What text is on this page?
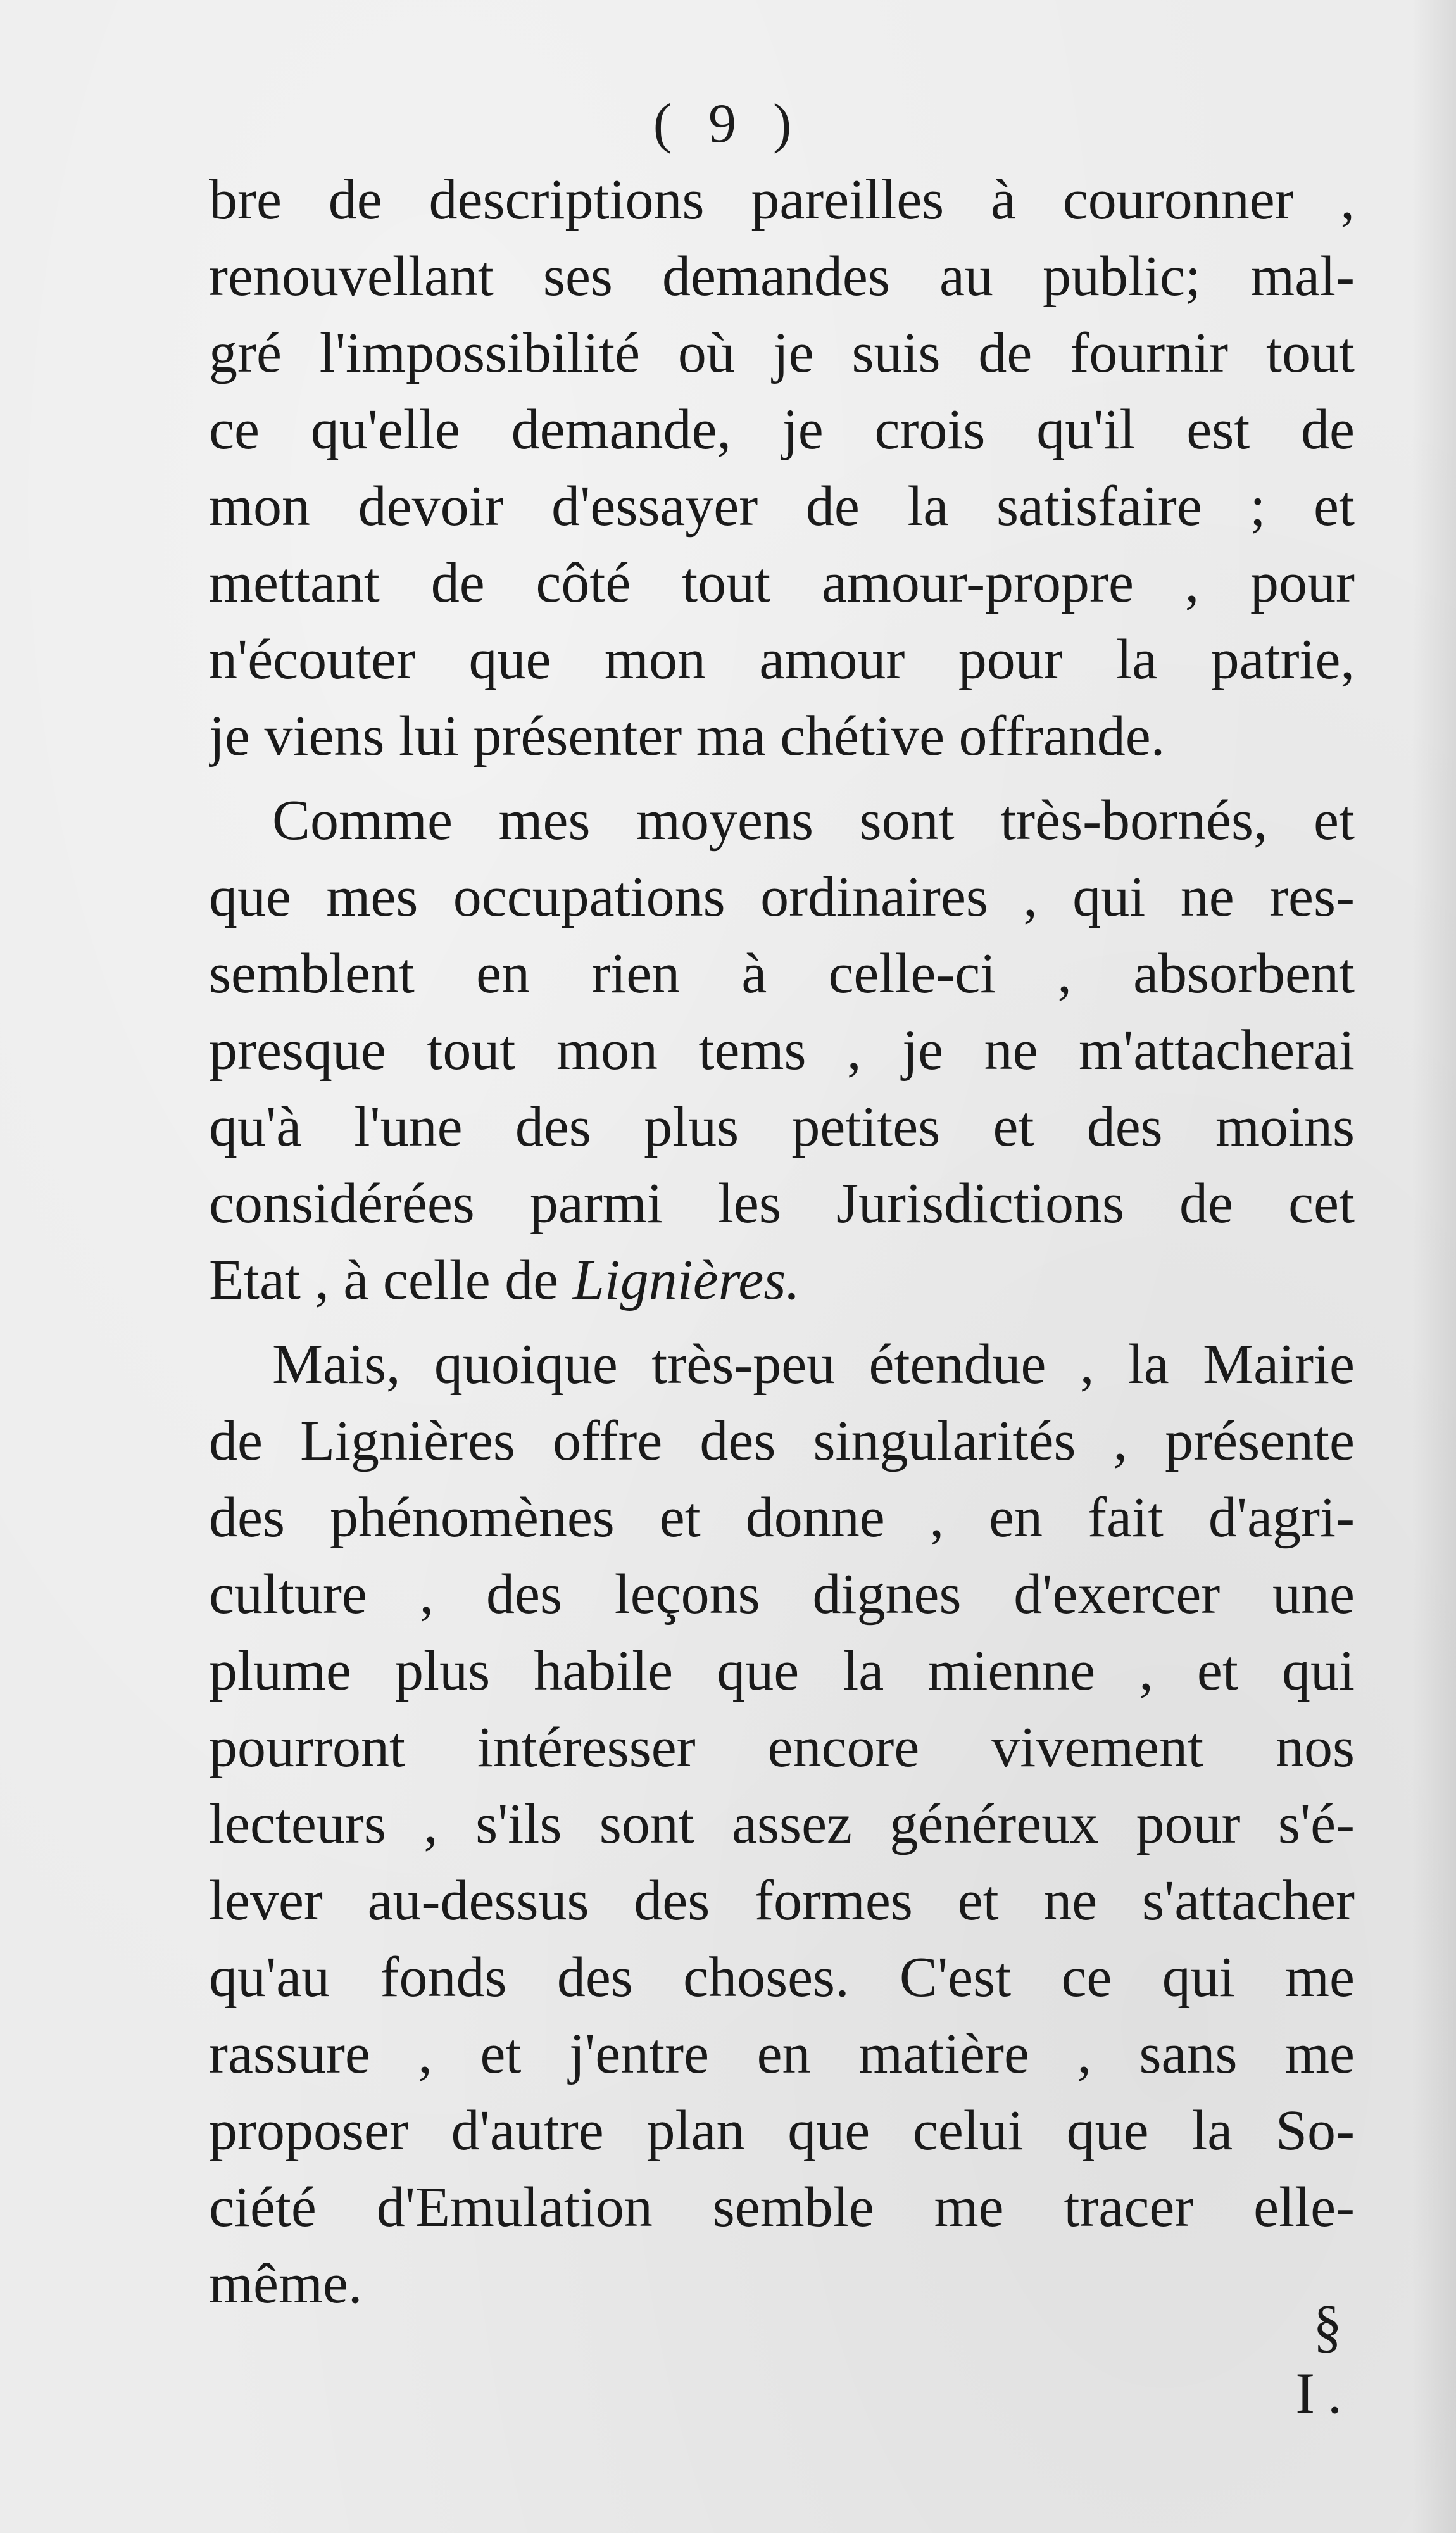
( 9 )
bre de descriptions pareilles à couronner ,
renouvellant ses demandes au public; mal-
gré l'impossibilité où je suis de fournir tout
ce qu'elle demande, je crois qu'il est de
mon devoir d'essayer de la satisfaire ; et
mettant de côté tout amour-propre , pour
n'écouter que mon amour pour la patrie,
je viens lui présenter ma chétive offrande.
Comme mes moyens sont très-bornés, et
que mes occupations ordinaires , qui ne res-
semblent en rien à celle-ci , absorbent
presque tout mon tems , je ne m'attacherai
qu'à l'une des plus petites et des moins
considérées parmi les Jurisdictions de cet
Etat , à celle de Lignières.
Mais, quoique très-peu étendue , la Mairie
de Lignières offre des singularités , présente
des phénomènes et donne , en fait d'agri-
culture , des leçons dignes d'exercer une
plume plus habile que la mienne , et qui
pourront intéresser encore vivement nos
lecteurs , s'ils sont assez généreux pour s'é-
lever au-dessus des formes et ne s'attacher
qu'au fonds des choses. C'est ce qui me
rassure , et j'entre en matière , sans me
proposer d'autre plan que celui que la So-
ciété d'Emulation semble me tracer elle-
même.
§ I.
